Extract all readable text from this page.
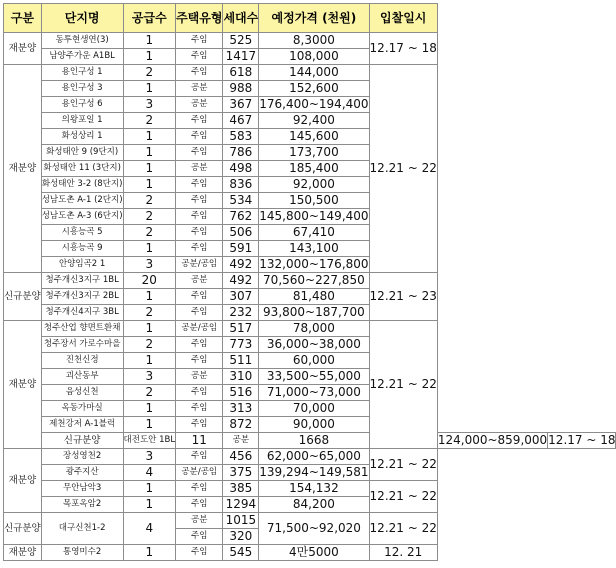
구분	단지명	공급수	주택유형	세대수	예정가격 (천원)	입찰일시		
재분양	동투현생연(3)	1	주임	525	8,3000	12.17 ~ 18		
	남양주가운 A1BL	1	주임	1417	108,000			
재분양	용인구성 1	2	주임	618	144,000	12.21 ~ 22		
	용인구성 3	1	공분	988	152,600			
	용인구성 6	3	공분	367	176,400~194,400			
	의왕포일 1	2	주임	467	92,400			
	화성상리 1	1	주임	583	145,600			
	화성태안 9 (9단지)	1	주임	786	173,700			
	화성태안 11 (3단지)	1	공분	498	185,400			
	화성태안 3-2 (8단지)	1	주임	836	92,000			
	성남도촌 A-1 (2단지)	2	주임	534	150,500			
	성남도촌 A-3 (6단지)	2	주임	762	145,800~149,400			
	시흥능곡 5	2	주임	506	67,410			
	시흥능곡 9	1	주임	591	143,100			
	안양임곡2 1	3	공분/공임	492	132,000~176,800			
신규분양	청주개신3지구 1BL	20	공분	492	70,560~227,850	12.21 ~ 23		
	청주개신3지구 2BL	1	주임	307	81,480			
	청주개신4지구 3BL	2	주임	232	93,800~187,700			
재분양	청주산업 향면트환채	1	공분/공임	517	78,000	12.21 ~ 22		
	청주장서 가로수마을	2	주임	773	36,000~38,000			
	진천신정	1	주임	511	60,000			
	괴산동부	3	공분	310	33,500~55,000			
	음성신천	2	주임	516	71,000~73,000			
	옥동가마실	1	주임	313	70,000			
	제천강저 A-1블럭	1	주임	872	90,000			
	신규분양	대전도안 1BL	11	공분	1668		124,000~859,000	12.17 ~ 18
재분양	장성영천2	3	주임	456	62,000~65,000	12.21 ~ 22		
	광주지산	4	공분/공임	375	139,294~149,581			
	무안남악3	1	주임	385	154,132	12.21 ~ 22		
	목포옥암2	1	주임	1294	84,200			
신규분양	대구신천1-2	4	공분	1015	71,500~92,020	12.21 ~ 22		
			주임	320				
재분양	통영미수2	1	주임	545	4만5000	12. 21		
